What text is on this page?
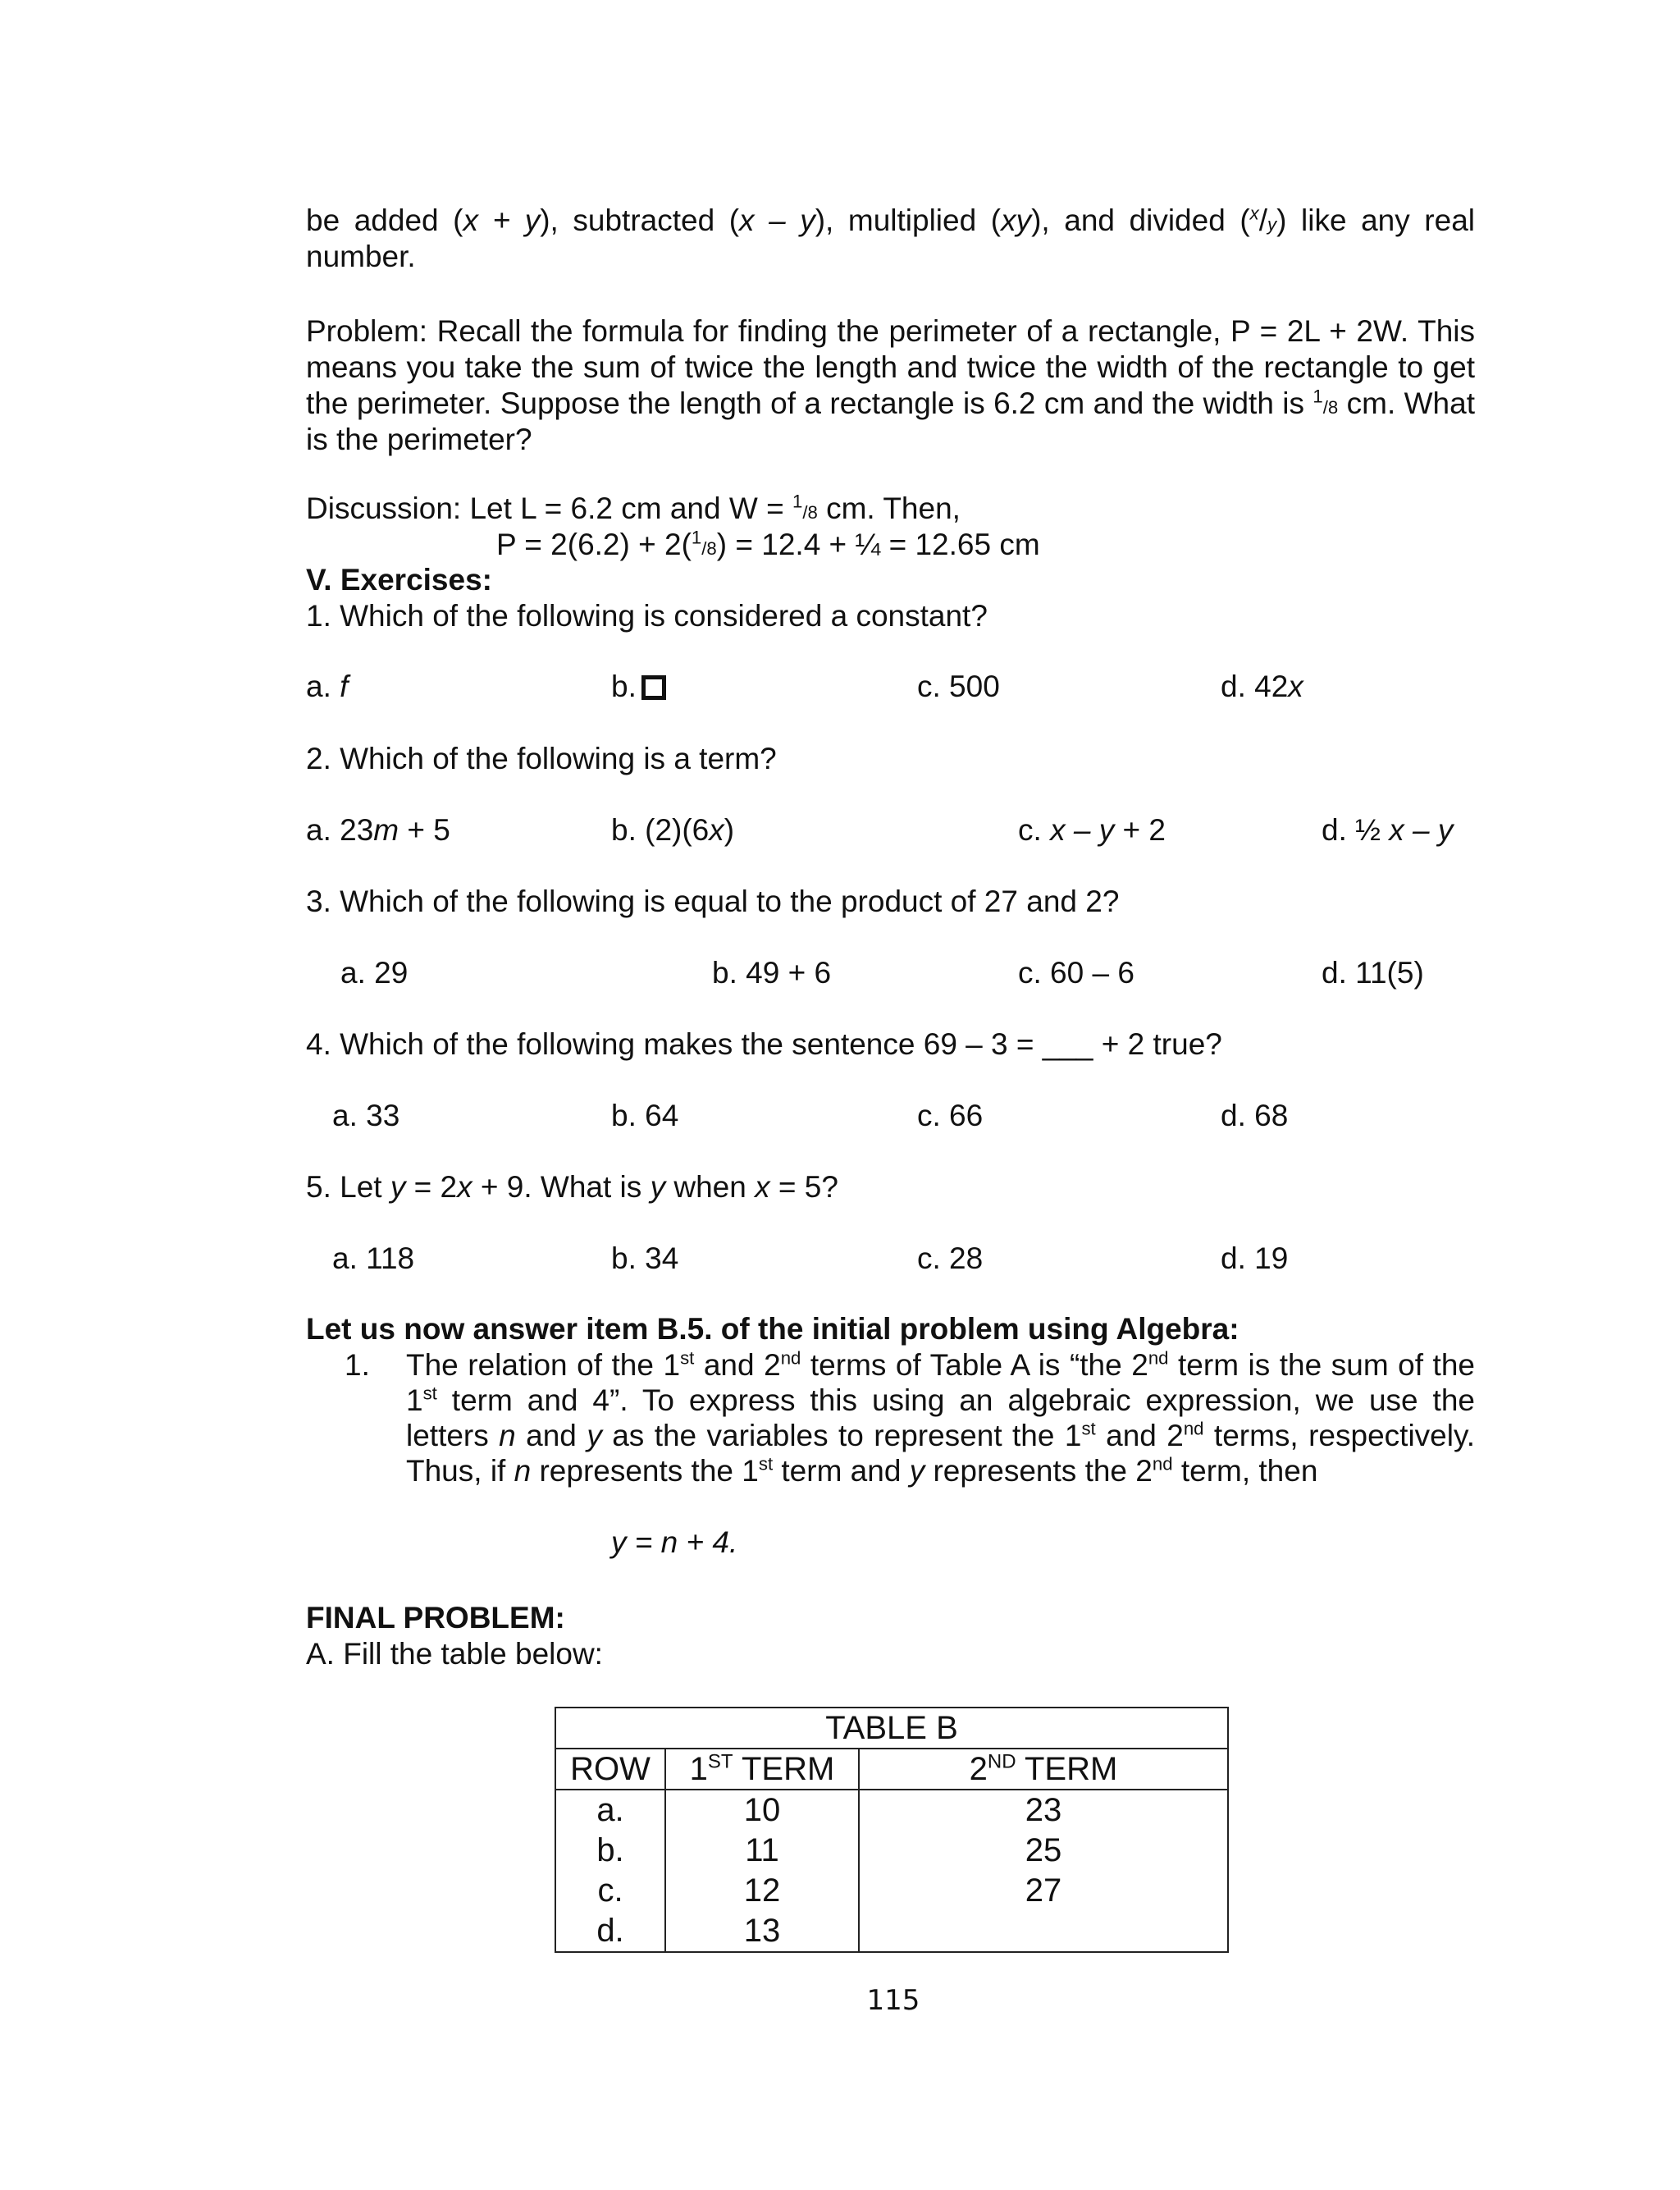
be added (x + y), subtracted (x – y), multiplied (xy), and divided ($^x$/y) like any real number.
Problem: Recall the formula for finding the perimeter of a rectangle, P = 2L + 2W. This means you take the sum of twice the length and twice the width of the rectangle to get the perimeter. Suppose the length of a rectangle is 6.2 cm and the width is $^1$/8 cm. What is the perimeter?
Discussion: Let L = 6.2 cm and W = $^1$/8 cm. Then,
P = 2(6.2) + 2($^1$/8) = 12.4 + ¼ = 12.65 cm
V. Exercises:
1. Which of the following is considered a constant?
a. f	b.	c. 500	d. 42x
2. Which of the following is a term?
a. 23m + 5	b. (2)(6x)	c. x – y + 2	d. ½ x – y
3. Which of the following is equal to the product of 27 and 2?
a. 29	b. 49 + 6	c. 60 – 6	d. 11(5)
4. Which of the following makes the sentence 69 – 3 = ___ + 2 true?
a. 33	b. 64	c. 66	d. 68
5. Let y = 2x + 9. What is y when x = 5?
a. 118	b. 34	c. 28	d. 19
Let us now answer item B.5. of the initial problem using Algebra:
1. The relation of the 1st and 2nd terms of Table A is “the 2nd term is the sum of the 1st term and 4”. To express this using an algebraic expression, we use the letters n and y as the variables to represent the 1st and 2nd terms, respectively. Thus, if n represents the 1st term and y represents the 2nd term, then
y = n + 4.
FINAL PROBLEM:
A. Fill the table below:
TABLE B		
ROW	1ST TERM	2ND TERM
a.	10	23
b.	11	25
c.	12	27
d.	13	
115
